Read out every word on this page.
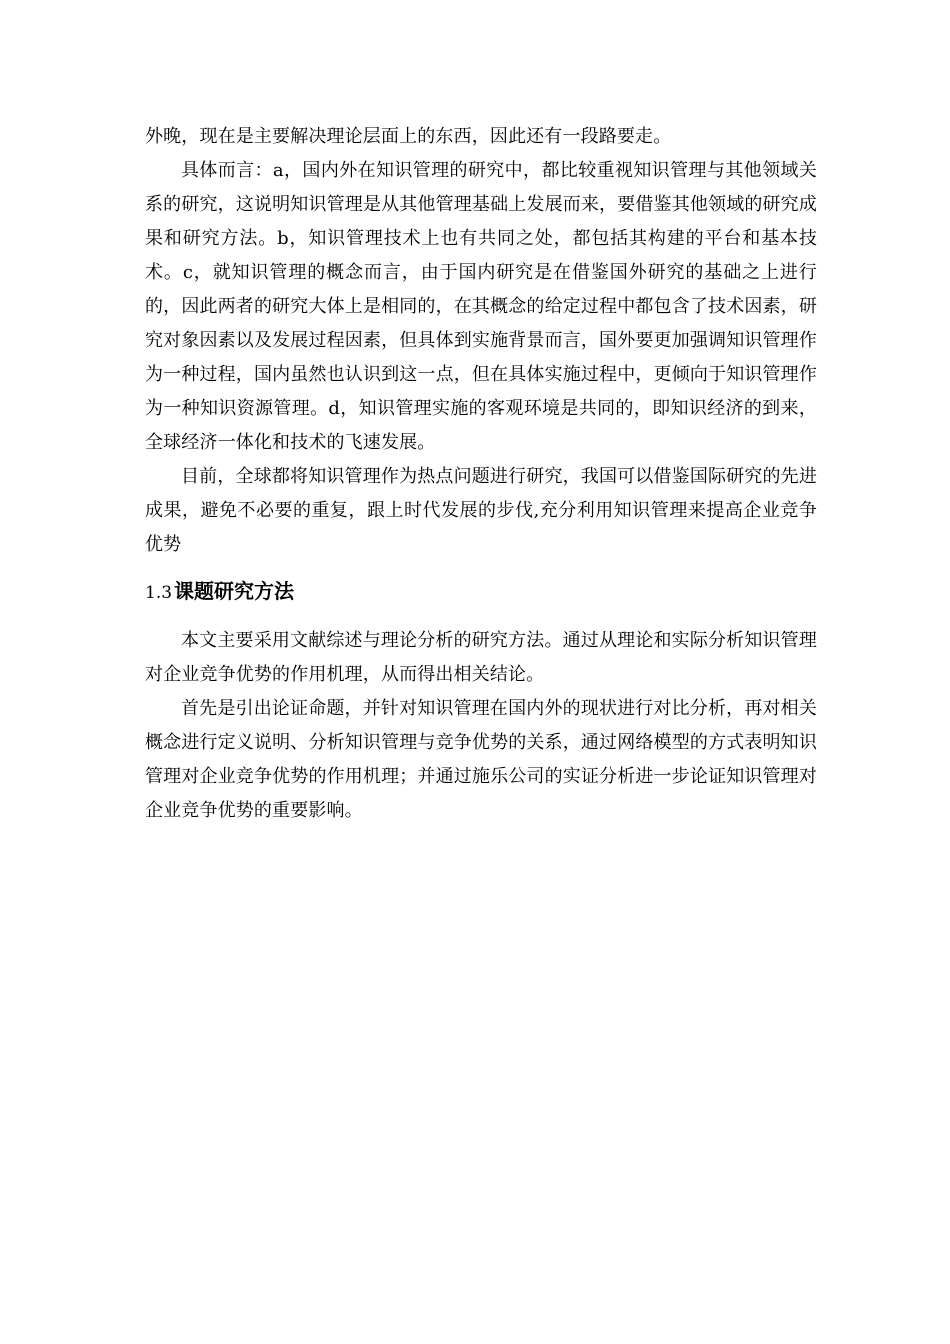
外晚，现在是主要解决理论层面上的东西，因此还有一段路要走。

具体而言：a，国内外在知识管理的研究中，都比较重视知识管理与其他领域关系的研究，这说明知识管理是从其他管理基础上发展而来，要借鉴其他领域的研究成果和研究方法。b，知识管理技术上也有共同之处，都包括其构建的平台和基本技术。c，就知识管理的概念而言，由于国内研究是在借鉴国外研究的基础之上进行的，因此两者的研究大体上是相同的，在其概念的给定过程中都包含了技术因素，研究对象因素以及发展过程因素，但具体到实施背景而言，国外要更加强调知识管理作为一种过程，国内虽然也认识到这一点，但在具体实施过程中，更倾向于知识管理作为一种知识资源管理。d，知识管理实施的客观环境是共同的，即知识经济的到来，全球经济一体化和技术的飞速发展。

目前，全球都将知识管理作为热点问题进行研究，我国可以借鉴国际研究的先进成果，避免不必要的重复，跟上时代发展的步伐,充分利用知识管理来提高企业竞争优势

1.3 课题研究方法

本文主要采用文献综述与理论分析的研究方法。通过从理论和实际分析知识管理对企业竞争优势的作用机理，从而得出相关结论。

首先是引出论证命题，并针对知识管理在国内外的现状进行对比分析，再对相关概念进行定义说明、分析知识管理与竞争优势的关系，通过网络模型的方式表明知识管理对企业竞争优势的作用机理；并通过施乐公司的实证分析进一步论证知识管理对企业竞争优势的重要影响。
